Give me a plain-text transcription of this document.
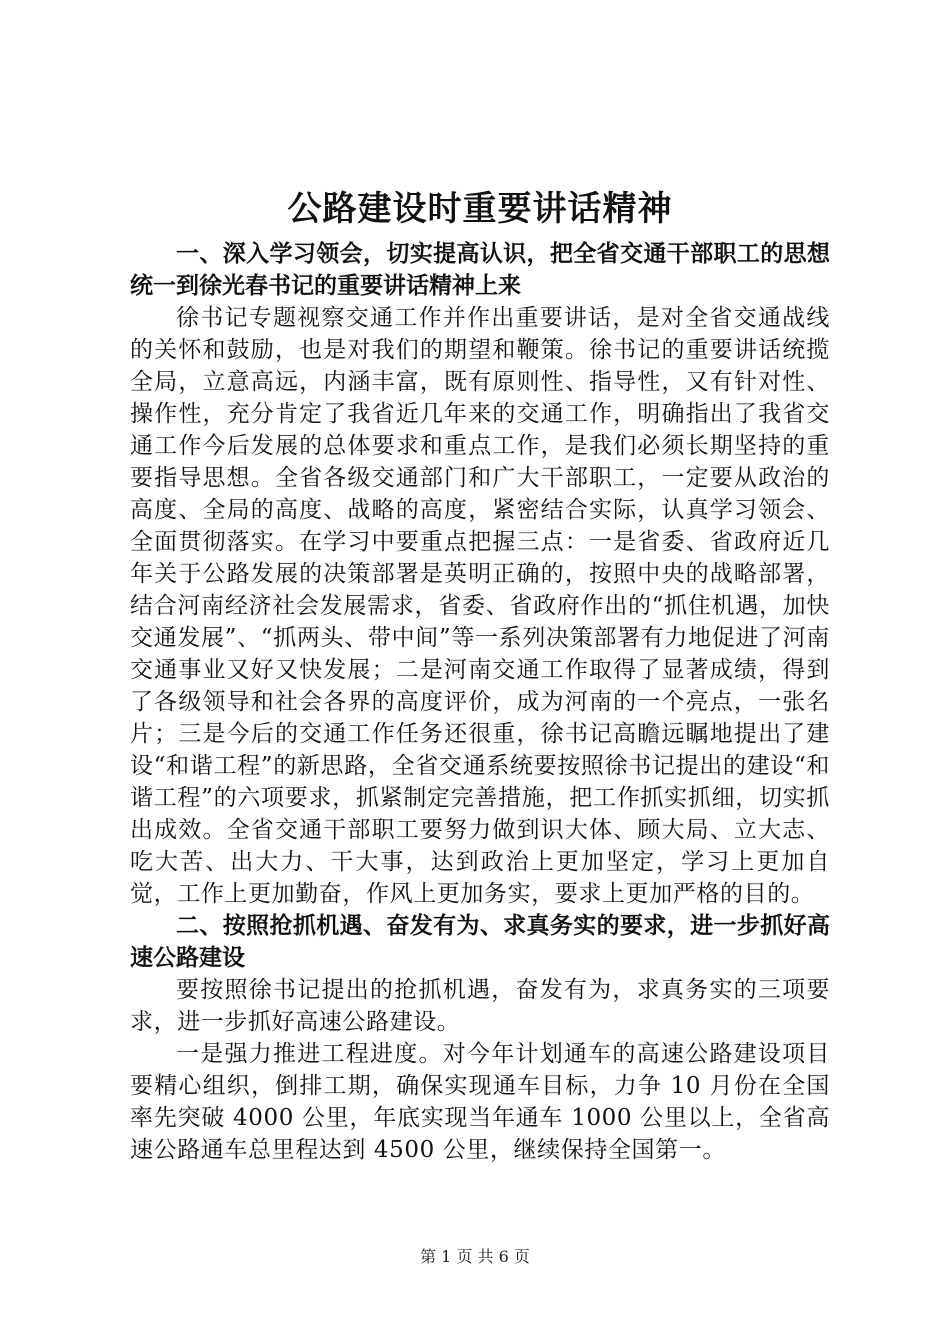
公路建设时重要讲话精神

一、深入学习领会，切实提高认识，把全省交通干部职工的思想统一到徐光春书记的重要讲话精神上来

徐书记专题视察交通工作并作出重要讲话，是对全省交通战线的关怀和鼓励，也是对我们的期望和鞭策。徐书记的重要讲话统揽全局，立意高远，内涵丰富，既有原则性、指导性，又有针对性、操作性，充分肯定了我省近几年来的交通工作，明确指出了我省交通工作今后发展的总体要求和重点工作，是我们必须长期坚持的重要指导思想。全省各级交通部门和广大干部职工，一定要从政治的高度、全局的高度、战略的高度，紧密结合实际，认真学习领会、全面贯彻落实。在学习中要重点把握三点：一是省委、省政府近几年关于公路发展的决策部署是英明正确的，按照中央的战略部署，结合河南经济社会发展需求，省委、省政府作出的“抓住机遇，加快交通发展”、“抓两头、带中间”等一系列决策部署有力地促进了河南交通事业又好又快发展；二是河南交通工作取得了显著成绩，得到了各级领导和社会各界的高度评价，成为河南的一个亮点，一张名片；三是今后的交通工作任务还很重，徐书记高瞻远瞩地提出了建设“和谐工程”的新思路，全省交通系统要按照徐书记提出的建设“和谐工程”的六项要求，抓紧制定完善措施，把工作抓实抓细，切实抓出成效。全省交通干部职工要努力做到识大体、顾大局、立大志、吃大苦、出大力、干大事，达到政治上更加坚定，学习上更加自觉，工作上更加勤奋，作风上更加务实，要求上更加严格的目的。

二、按照抢抓机遇、奋发有为、求真务实的要求，进一步抓好高速公路建设

要按照徐书记提出的抢抓机遇，奋发有为，求真务实的三项要求，进一步抓好高速公路建设。

一是强力推进工程进度。对今年计划通车的高速公路建设项目要精心组织，倒排工期，确保实现通车目标，力争 10 月份在全国率先突破 4000 公里，年底实现当年通车 1000 公里以上，全省高速公路通车总里程达到 4500 公里，继续保持全国第一。

第 1 页 共 6 页
